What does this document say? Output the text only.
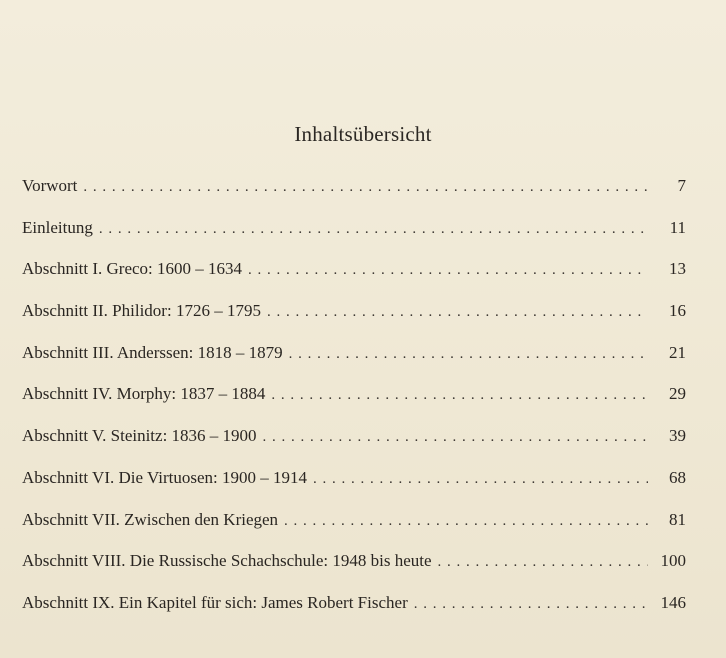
Inhaltsübersicht
Vorwort . . .	7
Einleitung . . .	11
Abschnitt I. Greco: 1600 – 1634 . . .	13
Abschnitt II. Philidor: 1726 – 1795 . . .	16
Abschnitt III. Anderssen: 1818 – 1879 . . .	21
Abschnitt IV. Morphy: 1837 – 1884 . . .	29
Abschnitt V. Steinitz: 1836 – 1900 . . .	39
Abschnitt VI. Die Virtuosen: 1900 – 1914 . . .	68
Abschnitt VII. Zwischen den Kriegen . . .	81
Abschnitt VIII. Die Russische Schachschule: 1948 bis heute . . .	100
Abschnitt IX. Ein Kapitel für sich: James Robert Fischer . . .	146
